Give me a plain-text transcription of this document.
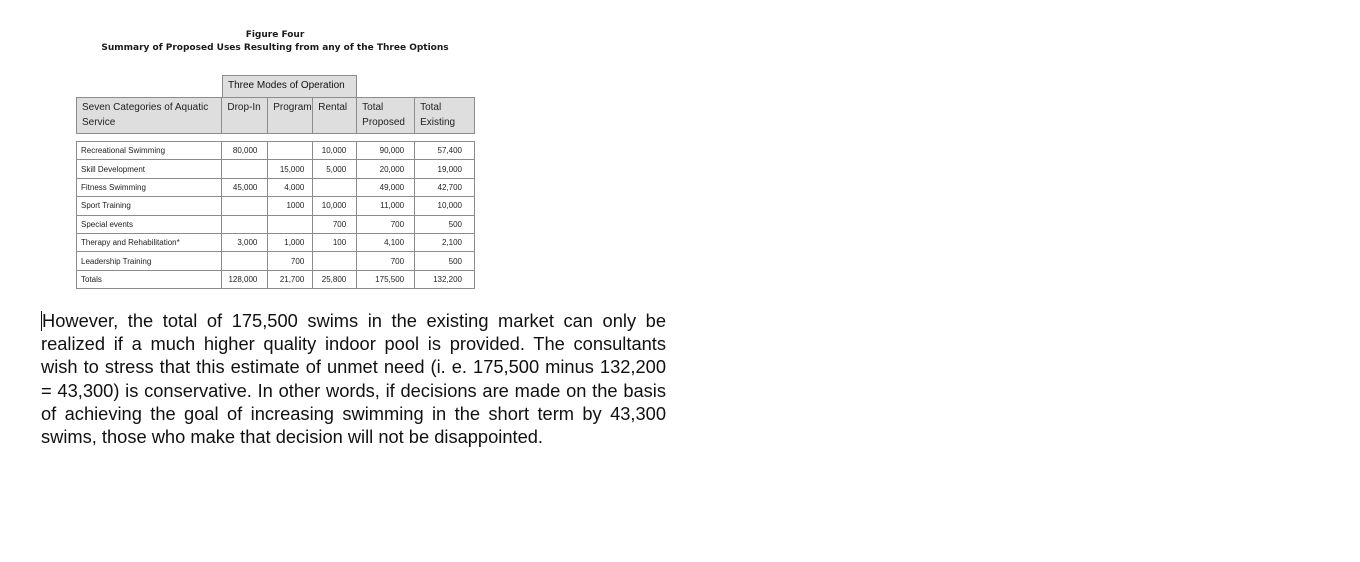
Figure Four
Summary of Proposed Uses Resulting from any of the Three Options
Three Modes of Operation
Seven Categories of Aquatic Service	Drop-In	Program	Rental	Total Proposed	Total Existing
Recreational Swimming	80,000		10,000	90,000	57,400
Skill Development		15,000	5,000	20,000	19,000
Fitness Swimming	45,000	4,000		49,000	42,700
Sport Training		1000	10,000	11,000	10,000
Special events			700	700	500
Therapy and Rehabilitation*	3,000	1,000	100	4,100	2,100
Leadership Training		700		700	500
Totals	128,000	21,700	25,800	175,500	132,200

However, the total of 175,500 swims in the existing market can only be realized if a much higher quality indoor pool is provided. The consultants wish to stress that this estimate of unmet need (i. e. 175,500 minus 132,200 = 43,300) is conservative. In other words, if decisions are made on the basis of achieving the goal of increasing swimming in the short term by 43,300 swims, those who make that decision will not be disappointed.
